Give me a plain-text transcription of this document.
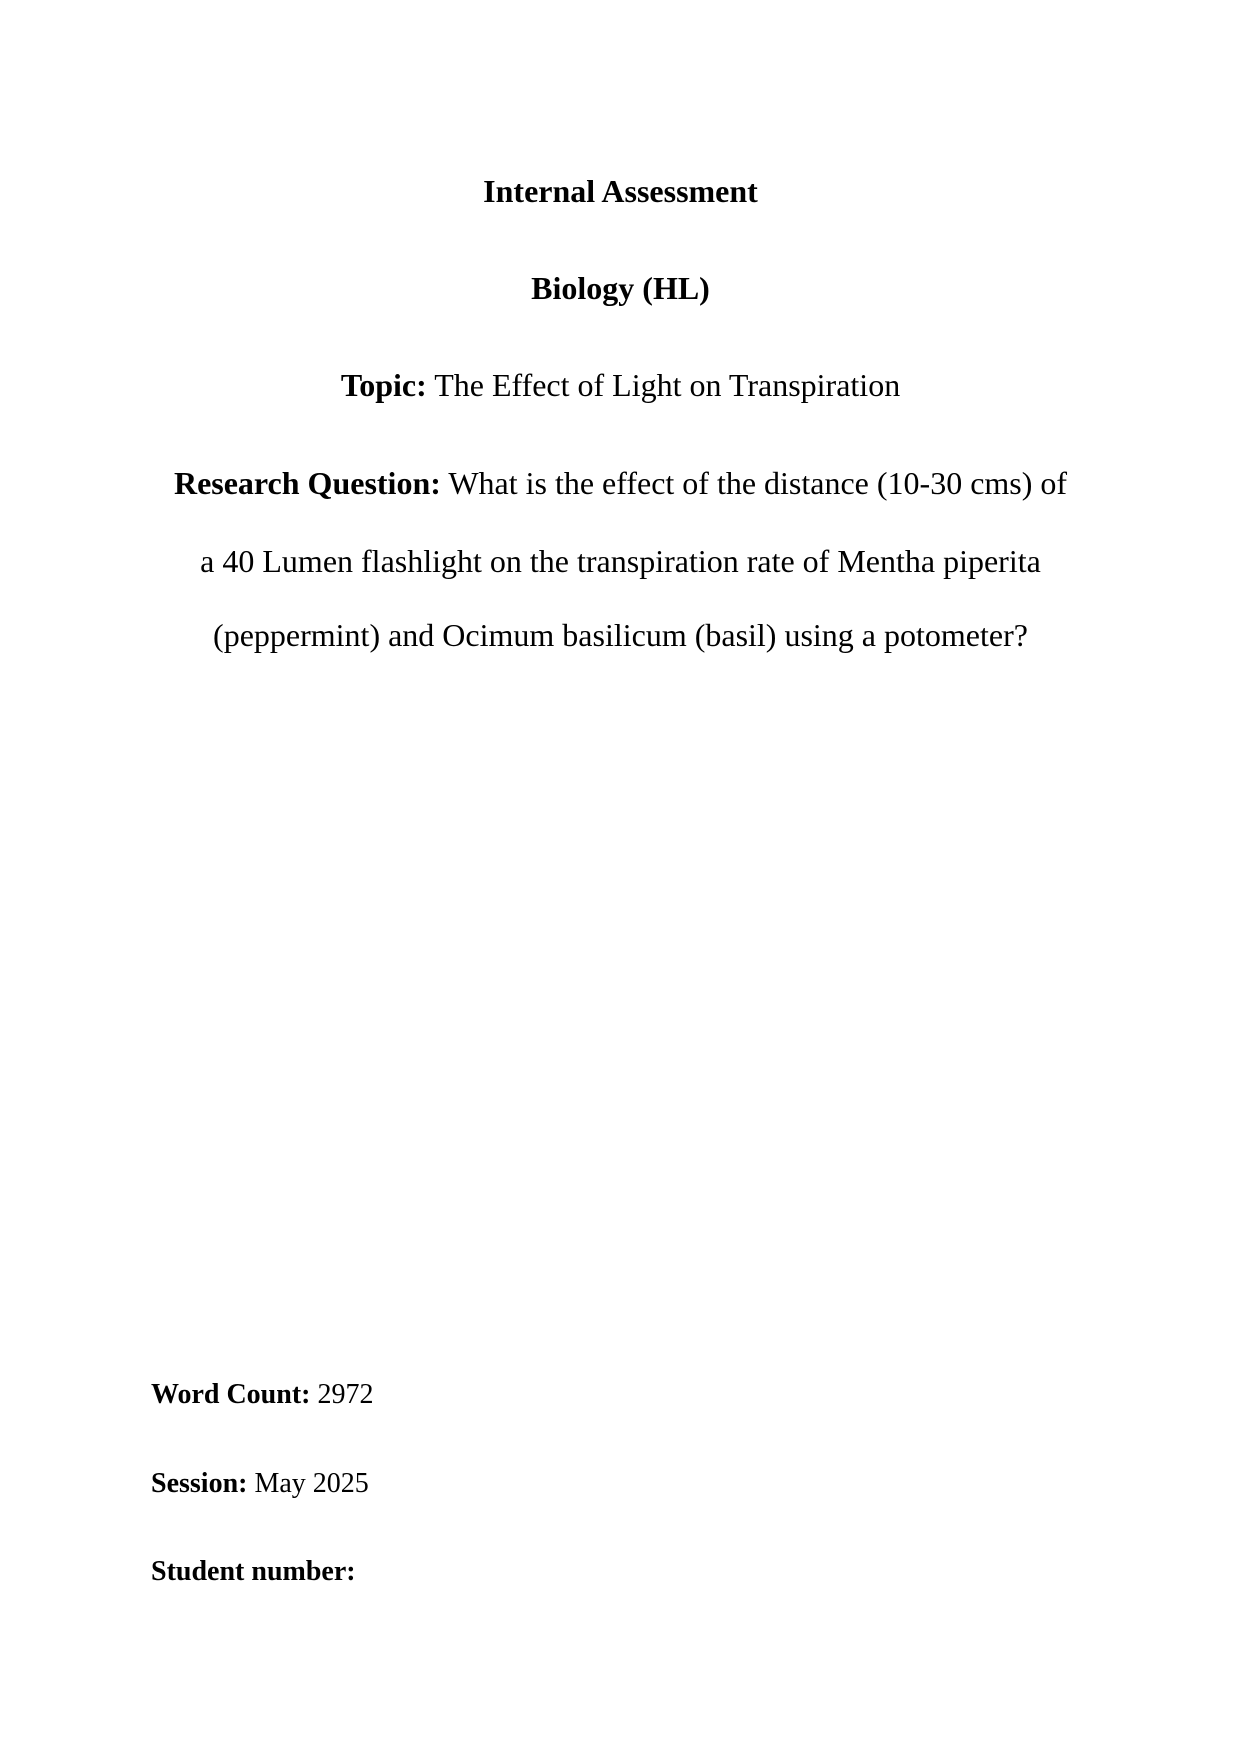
Internal Assessment
Biology (HL)
Topic: The Effect of Light on Transpiration
Research Question: What is the effect of the distance (10-30 cms) of
a 40 Lumen flashlight on the transpiration rate of Mentha piperita
(peppermint) and Ocimum basilicum (basil) using a potometer?
Word Count: 2972
Session: May 2025
Student number:
